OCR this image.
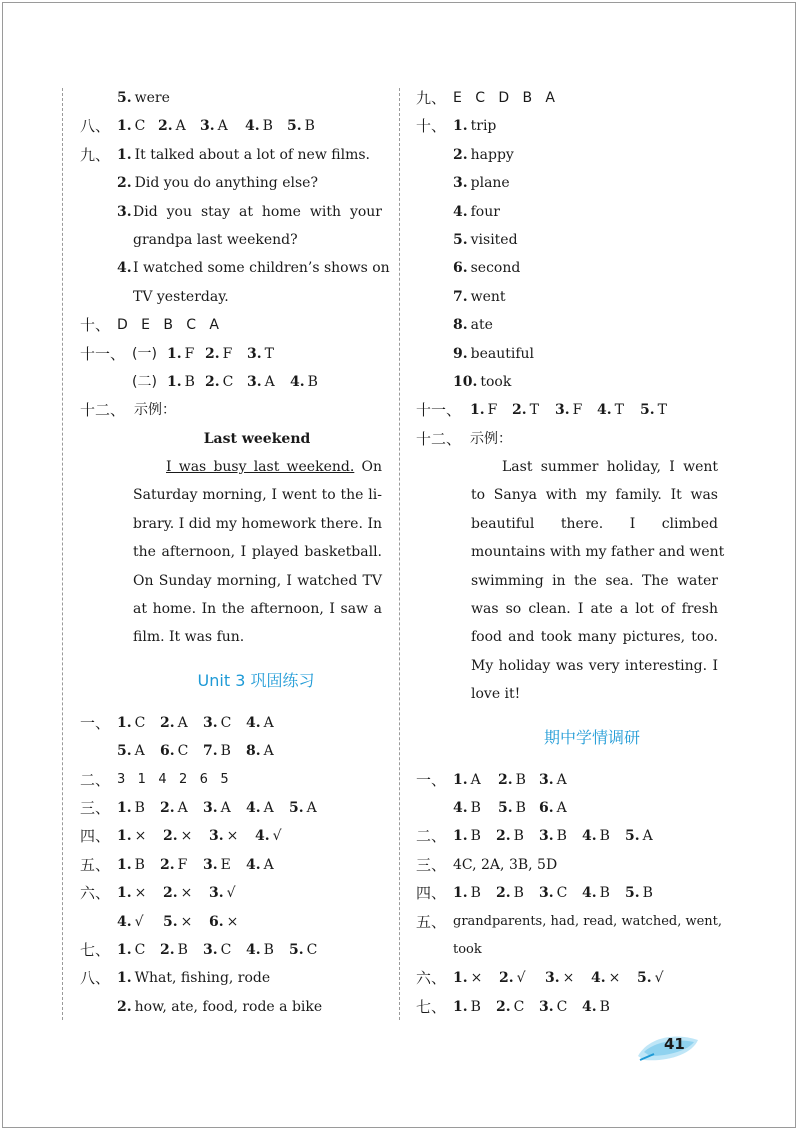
5. were
八、 1. C 2. A 3. A 4. B 5. B
九、 1. It talked about a lot of new films.
2. Did you do anything else?
3. Did you stay at home with your
grandpa last weekend?
4. I watched some children’s shows on
TV yesterday.
十、 D   E   B   C   A
十一、 (一) 1. F 2. F 3. T
(二) 1. B 2. C 3. A 4. B
十二、 示例：
Last weekend
I was busy last weekend. On
Saturday morning, I went to the li-
brary. I did my homework there. In
the afternoon, I played basketball.
On Sunday morning, I watched TV
at home. In the afternoon, I saw a
film. It was fun.
Unit 3 巩固练习
一、 1. C 2. A 3. C 4. A
5. A 6. C 7. B 8. A
二、 3   1   4   2   6   5
三、 1. B 2. A 3. A 4. A 5. A
四、 1. × 2. × 3. × 4. √
五、 1. B 2. F 3. E 4. A
六、 1. × 2. × 3. √
4. √ 5. × 6. ×
七、 1. C 2. B 3. C 4. B 5. C
八、 1. What, fishing, rode
2. how, ate, food, rode a bike
九、 E   C   D   B   A
十、 1. trip
2. happy
3. plane
4. four
5. visited
6. second
7. went
8. ate
9. beautiful
10. took
十一、 1. F 2. T 3. F 4. T 5. T
十二、 示例：
Last summer holiday, I went
to Sanya with my family. It was
beautiful   there.   I   climbed
mountains with my father and went
swimming in the sea. The water
was so clean. I ate a lot of fresh
food and took many pictures, too.
My holiday was very interesting. I
love it!
期中学情调研
一、 1. A 2. B 3. A
4. B 5. B 6. A
二、 1. B 2. B 3. B 4. B 5. A
三、 4C, 2A, 3B, 5D
四、 1. B 2. B 3. C 4. B 5. B
五、 grandparents, had, read, watched, went,
took
六、 1. × 2. √ 3. × 4. × 5. √
七、 1. B 2. C 3. C 4. B
41
